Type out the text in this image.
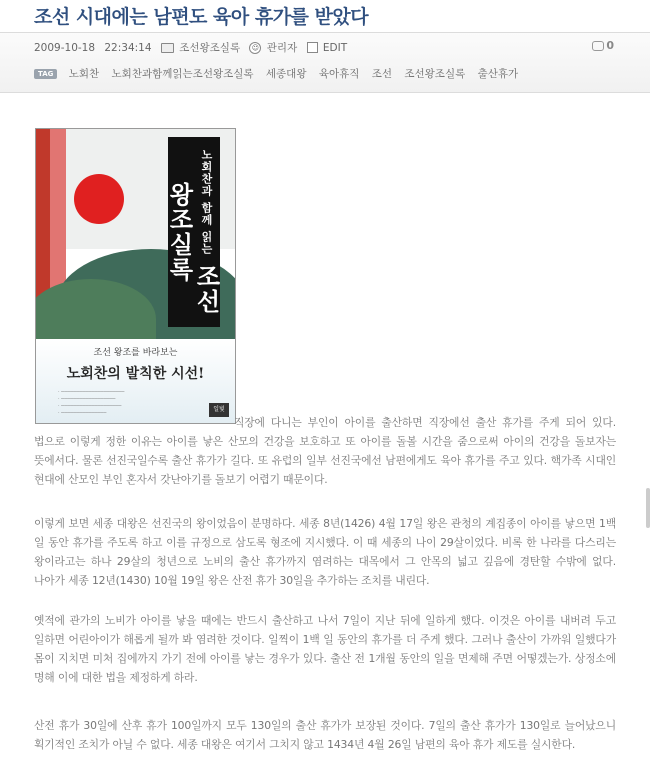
조선 시대에는 남편도 육아 휴가를 받았다
2009-10-18 22:34:14	조선왕조실록 ☺ 관리자 EDIT	0
TAG 노회찬 노회찬과함께읽는조선왕조실록 세종대왕 육아휴직 조선 조선왕조실록 출산휴가
노회찬과 함께 읽는 조선왕조실록
조선 왕조를 바라보는
노회찬의 발칙한 시선!
· ─────────────────────
· ──────────────────
· ────────────────────
· ───────────────	일빛
직장에 다니는 부인이 아이를 출산하면 직장에선 출산 휴가를 주게 되어 있다. 법으로 이렇게 정한 이유는 아이를 낳은 산모의 건강을 보호하고 또 아이를 돌볼 시간을 줌으로써 아이의 건강을 돌보자는 뜻에서다. 물론 선진국일수록 출산 휴가가 길다. 또 유럽의 일부 선진국에선 남편에게도 육아 휴가를 주고 있다. 핵가족 시대인 현대에 산모인 부인 혼자서 갓난아기를 돌보기 어렵기 때문이다.
이렇게 보면 세종 대왕은 선진국의 왕이었음이 분명하다. 세종 8년(1426) 4월 17일 왕은 관청의 계집종이 아이를 낳으면 1백 일 동안 휴가를 주도록 하고 이를 규정으로 삼도록 형조에 지시했다. 이 때 세종의 나이 29살이었다. 비록 한 나라를 다스리는 왕이라고는 하나 29살의 청년으로 노비의 출산 휴가까지 염려하는 대목에서 그 안목의 넓고 깊음에 경탄할 수밖에 없다. 나아가 세종 12년(1430) 10월 19일 왕은 산전 휴가 30일을 추가하는 조치를 내린다.
옛적에 관가의 노비가 아이를 낳을 때에는 반드시 출산하고 나서 7일이 지난 뒤에 일하게 했다. 이것은 아이를 내버려 두고 일하면 어린아이가 해롭게 될까 봐 염려한 것이다. 일찍이 1백 일 동안의 휴가를 더 주게 했다. 그러나 출산이 가까워 일했다가 몸이 지치면 미처 집에까지 가기 전에 아이를 낳는 경우가 있다. 출산 전 1개월 동안의 일을 면제해 주면 어떻겠는가. 상정소에 명해 이에 대한 법을 제정하게 하라.
산전 휴가 30일에 산후 휴가 100일까지 모두 130일의 출산 휴가가 보장된 것이다. 7일의 출산 휴가가 130일로 늘어났으니 획기적인 조치가 아닐 수 없다. 세종 대왕은 여기서 그치지 않고 1434년 4월 26일 남편의 육아 휴가 제도를 실시한다.
